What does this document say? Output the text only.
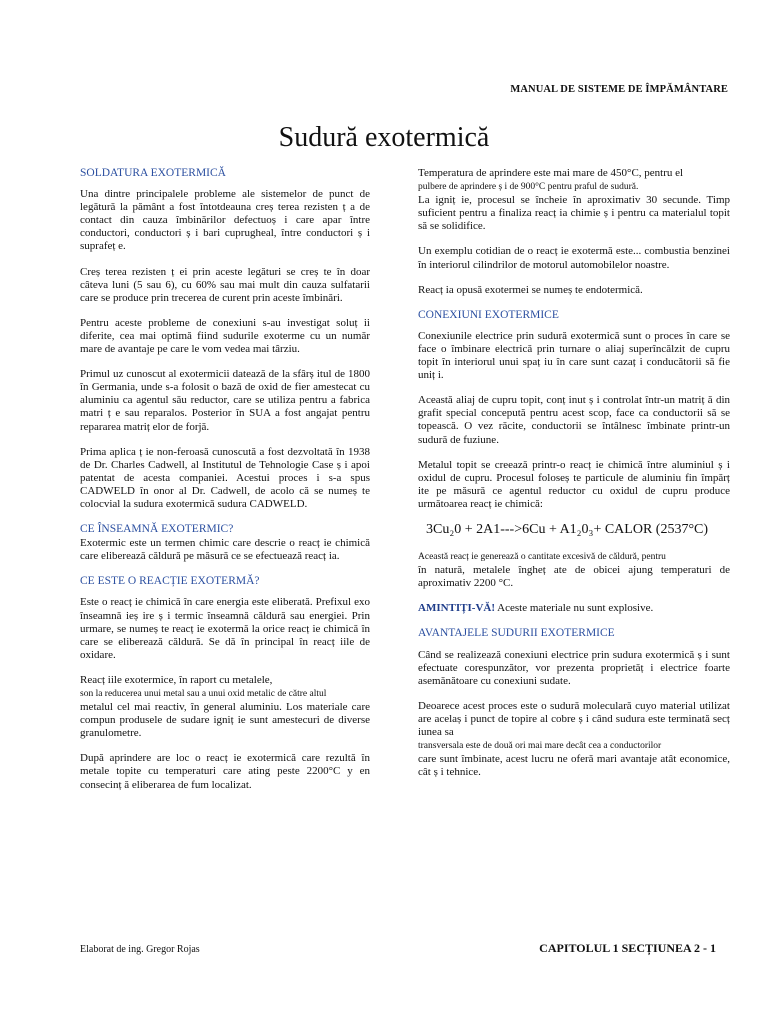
MANUAL DE SISTEME DE ÎMPĂMÂNTARE
Sudură exotermică
SOLDATURA EXOTERMICĂ

Una dintre principalele probleme ale sistemelor de punct de legătură la pământ a fost întotdeauna creș terea rezisten ț a de contact din cauza îmbinărilor defectuoș i care apar între conductori, conductori ș i bari cuprugheal, între conductori ș i suprafeț e.

Creș terea rezisten ț ei prin aceste legături se creș te în doar câteva luni (5 sau 6), cu 60% sau mai mult din cauza sulfatarii care se produce prin trecerea de curent prin aceste îmbinări.

Pentru aceste probleme de conexiuni s-au investigat soluț ii diferite, cea mai optimă fiind sudurile exoterme cu un număr mare de avantaje pe care le vom vedea mai târziu.

Primul uz cunoscut al exotermicii datează de la sfârș itul de 1800 în Germania, unde s-a folosit o bază de oxid de fier amestecat cu aluminiu ca agentul său reductor, care se utiliza pentru a fabrica matri ț e sau reparalos. Posterior în SUA a fost angajat pentru repararea matriț elor de forjă.

Prima aplica ț ie non-feroasă cunoscută a fost dezvoltată în 1938 de Dr. Charles Cadwell, al Institutul de Tehnologie Case ș i apoi patentat de acesta companiei. Acestui proces i s-a spus CADWELD în onor al Dr. Cadwell, de acolo că se numeș te colocvial la sudura exotermică sudura CADWELD.

CE ÎNSEAMNĂ EXOTERMIC?

Exotermic este un termen chimic care descrie o reacț ie chimică care eliberează căldură pe măsură ce se efectuează reacț ia.

CE ESTE O REACȚIE EXOTERMĂ?

Este o reacț ie chimică în care energia este eliberată. Prefixul exo înseamnă ieș ire ș i termic înseamnă căldură sau energiei. Prin urmare, se numeș te reacț ie exotermă la orice reacț ie chimică în care se eliberează căldură. Se dă în principal în reacț iile de oxidare.

Reacț iile exotermice, în raport cu metalele,
son la reducerea unui metal sau a unui oxid metalic de către altul
metalul cel mai reactiv, în general aluminiu. Los materiale care compun produsele de sudare igniț ie sunt amestecuri de diverse granulometre.

După aprindere are loc o reacț ie exotermică care rezultă în metale topite cu temperaturi care ating peste 2200°C y en consecinț ă eliberarea de fum localizat.

Temperatura de aprindere este mai mare de 450°C, pentru el
pulbere de aprindere ș i de 900°C pentru praful de sudură.
La igniț ie, procesul se încheie în aproximativ 30 secunde. Timp suficient pentru a finaliza reacț ia chimie ș i pentru ca materialul topit să se solidifice.

Un exemplu cotidian de o reacț ie exotermă este... combustia benzinei în interiorul cilindrilor de motorul automobilelor noastre.

Reacț ia opusă exotermei se numeș te endotermică.

CONEXIUNI EXOTERMICE

Conexiunile electrice prin sudură exotermică sunt o proces în care se face o îmbinare electrică prin turnare o aliaj superîncălzit de cupru topit în interiorul unui spaț iu în care sunt cazaț i conducătorii să fie uniț i.

Această aliaj de cupru topit, conț inut ș i controlat într-un matriț ă din grafit special concepută pentru acest scop, face ca conductorii să se topească. O vez răcite, conductorii se întâlnesc îmbinate printr-un sudură de fuziune.

Metalul topit se creează printr-o reacț ie chimică între aluminiul ș i oxidul de cupru. Procesul foloseș te particule de aluminiu fin împărț ite pe măsură ce agentul reductor cu oxidul de cupru produce următoarea reacț ie chimică:

3Cu₂0 + 2A1--->6Cu + A1₂0₃+ CALOR (2537°C)

Această reacț ie generează o cantitate excesivă de căldură, pentru
în natură, metalele îngheț ate de obicei ajung temperaturi de aproximativ 2200 °C.

AMINTIȚI-VĂ! Aceste materiale nu sunt explosive.

AVANTAJELE SUDURII EXOTERMICE

Când se realizează conexiuni electrice prin sudura exotermică ș i sunt efectuate corespunzător, vor prezenta proprietăț i electrice foarte asemănătoare cu conexiuni sudate.

Deoarece acest proces este o sudură moleculară cuyo material utilizat are acelaș i punct de topire al cobre ș i când sudura este terminată secț iunea sa
transversala este de două ori mai mare decât cea a conductorilor
care sunt îmbinate, acest lucru ne oferă mari avantaje atât economice, cât ș i tehnice.

Elaborat de ing. Gregor Rojas	CAPITOLUL 1 SECȚIUNEA 2 - 1
